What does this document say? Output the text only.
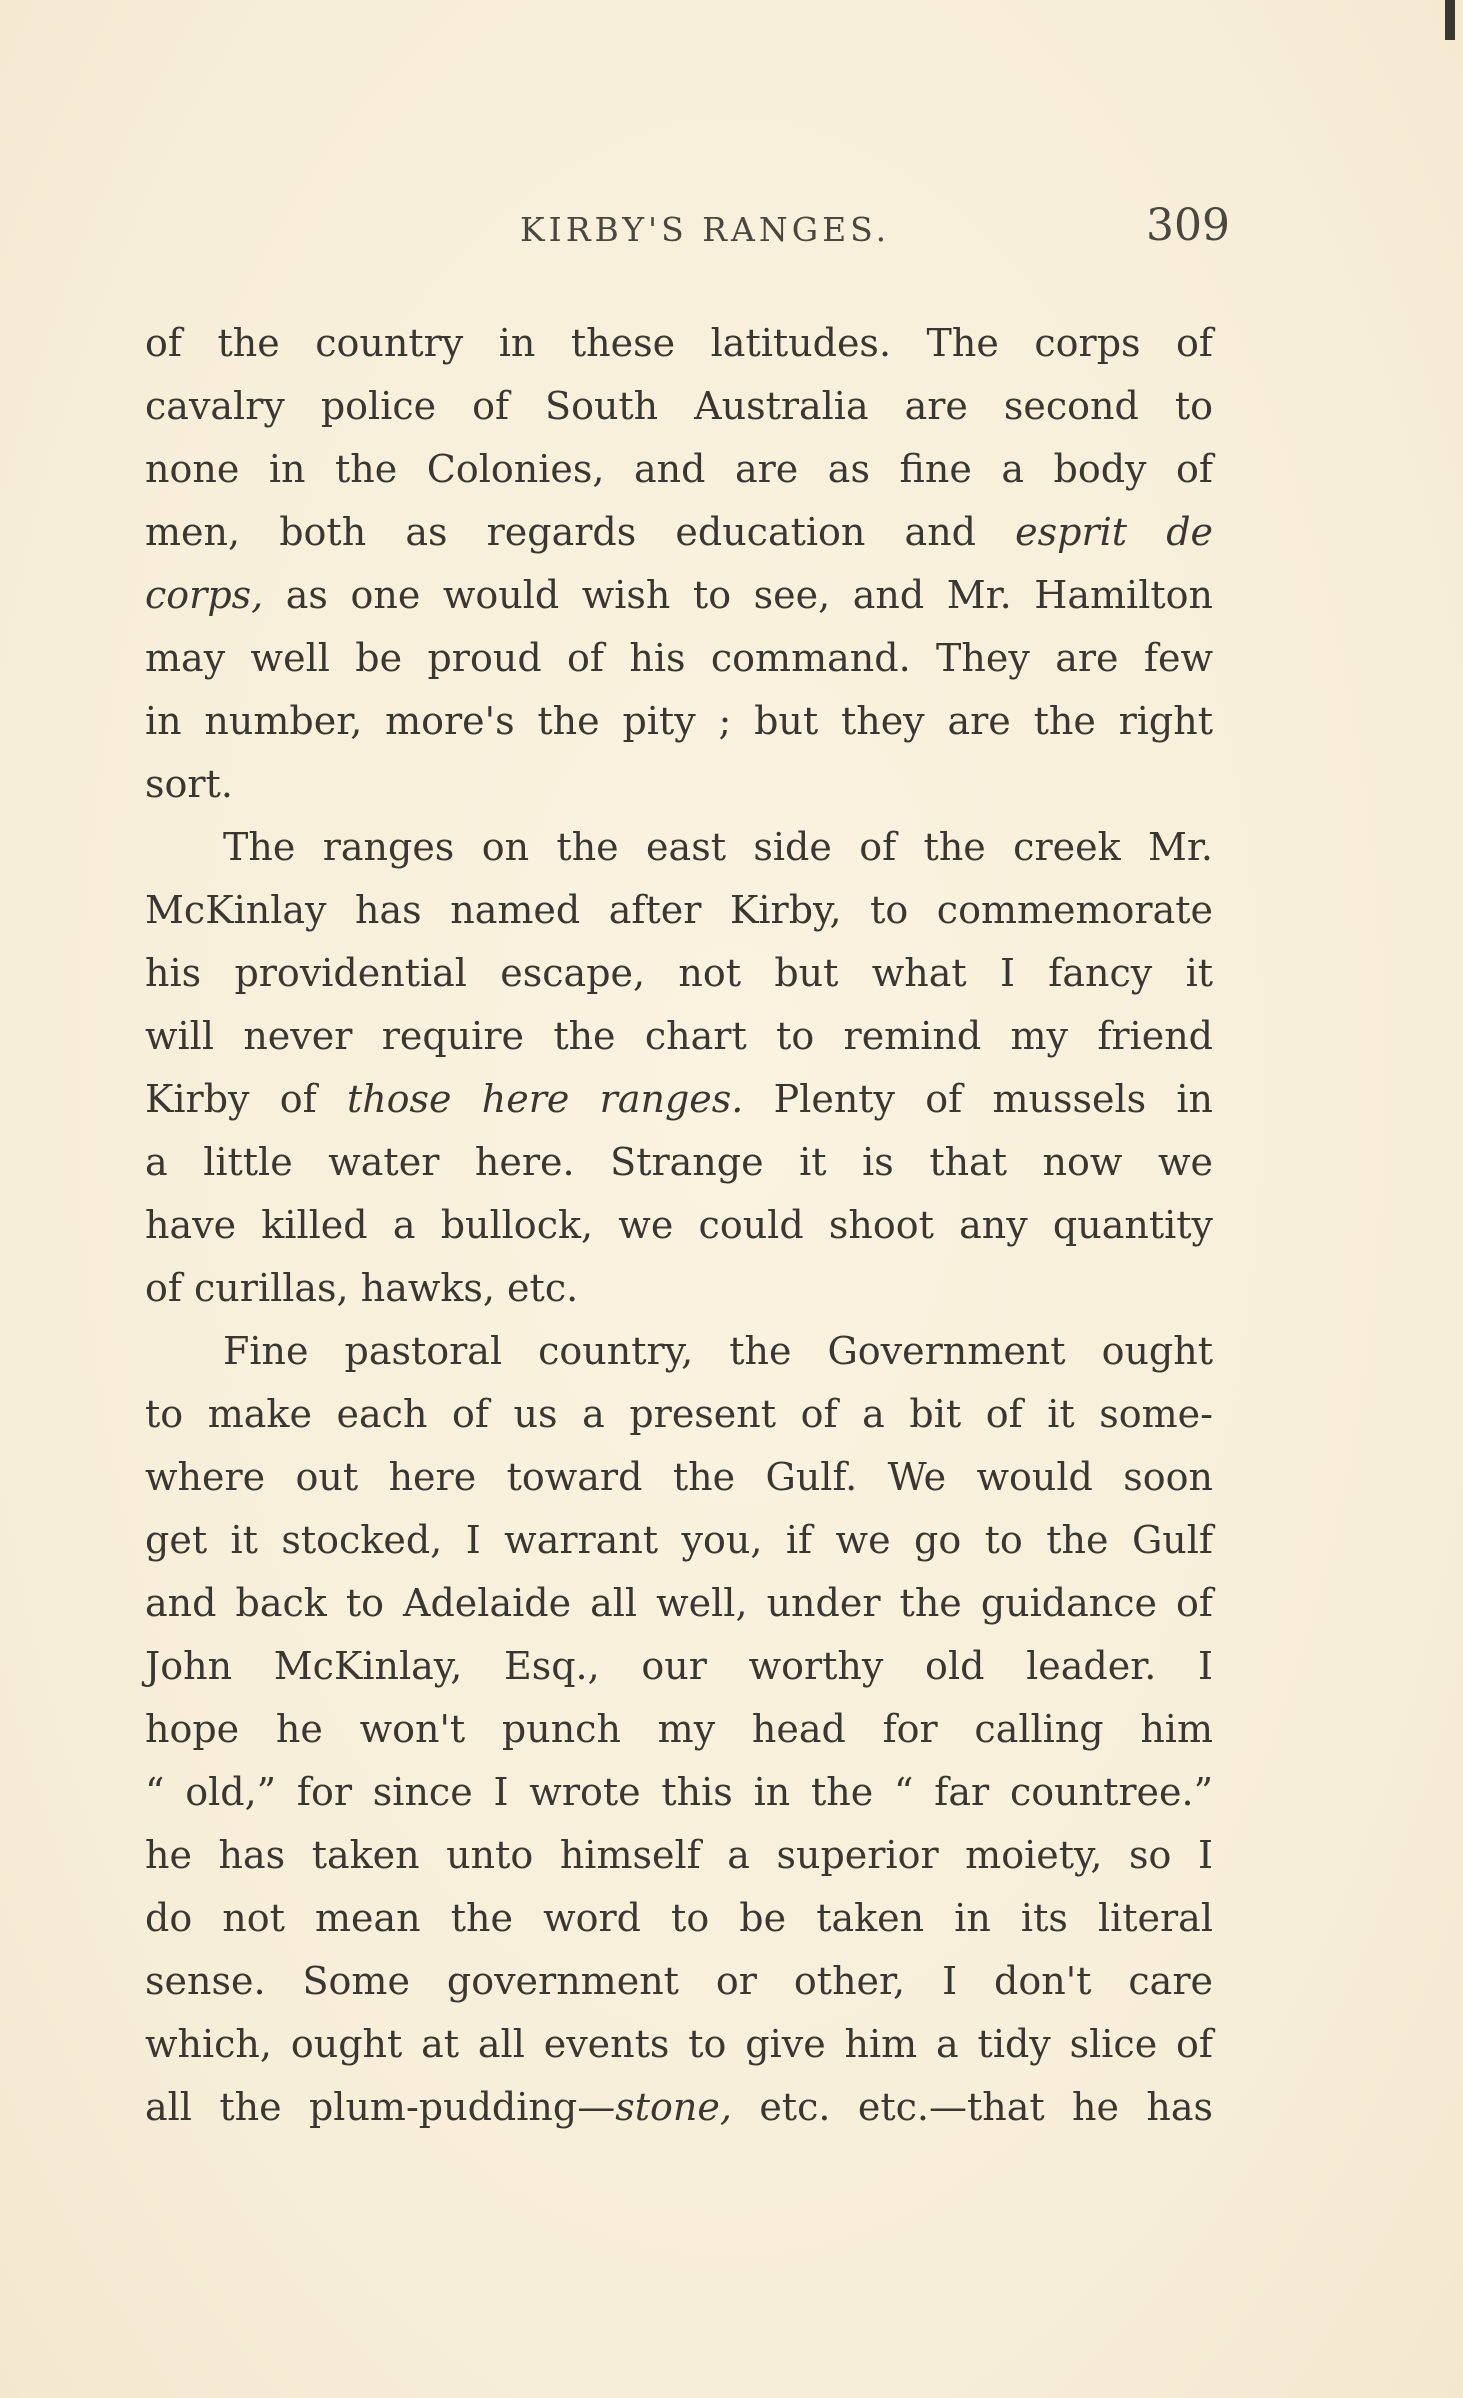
KIRBY'S RANGES.	309
of the country in these latitudes. The corps of
cavalry police of South Australia are second to
none in the Colonies, and are as fine a body of
men, both as regards education and esprit de
corps, as one would wish to see, and Mr. Hamilton
may well be proud of his command. They are few
in number, more's the pity ; but they are the right
sort.
The ranges on the east side of the creek Mr.
McKinlay has named after Kirby, to commemorate
his providential escape, not but what I fancy it
will never require the chart to remind my friend
Kirby of those here ranges. Plenty of mussels in
a little water here. Strange it is that now we
have killed a bullock, we could shoot any quantity
of curillas, hawks, etc.
Fine pastoral country, the Government ought
to make each of us a present of a bit of it some-
where out here toward the Gulf. We would soon
get it stocked, I warrant you, if we go to the Gulf
and back to Adelaide all well, under the guidance of
John McKinlay, Esq., our worthy old leader. I
hope he won't punch my head for calling him
“ old,” for since I wrote this in the “ far countree.”
he has taken unto himself a superior moiety, so I
do not mean the word to be taken in its literal
sense. Some government or other, I don't care
which, ought at all events to give him a tidy slice of
all the plum-pudding—stone, etc. etc.—that he has
